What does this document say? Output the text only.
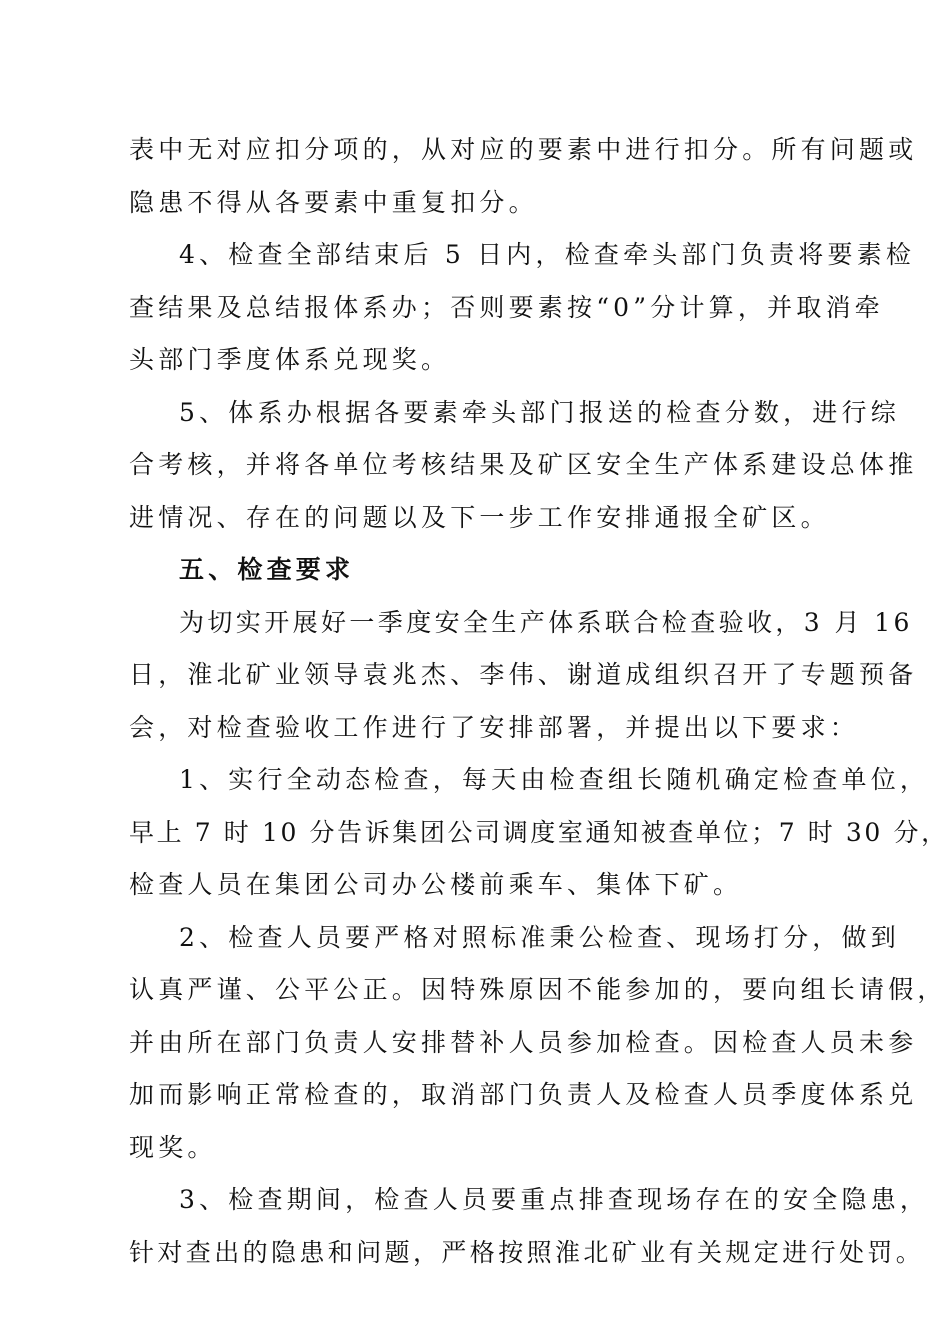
表中无对应扣分项的，从对应的要素中进行扣分。所有问题或
隐患不得从各要素中重复扣分。
4、检查全部结束后 5 日内，检查牵头部门负责将要素检
查结果及总结报体系办；否则要素按“0”分计算，并取消牵
头部门季度体系兑现奖。
5、体系办根据各要素牵头部门报送的检查分数，进行综
合考核，并将各单位考核结果及矿区安全生产体系建设总体推
进情况、存在的问题以及下一步工作安排通报全矿区。
五、检查要求
为切实开展好一季度安全生产体系联合检查验收，3 月 16
日，淮北矿业领导袁兆杰、李伟、谢道成组织召开了专题预备
会，对检查验收工作进行了安排部署，并提出以下要求：
1、实行全动态检查，每天由检查组长随机确定检查单位，
早上 7 时 10 分告诉集团公司调度室通知被查单位；7 时 30 分，
检查人员在集团公司办公楼前乘车、集体下矿。
2、检查人员要严格对照标准秉公检查、现场打分，做到
认真严谨、公平公正。因特殊原因不能参加的，要向组长请假，
并由所在部门负责人安排替补人员参加检查。因检查人员未参
加而影响正常检查的，取消部门负责人及检查人员季度体系兑
现奖。
3、检查期间，检查人员要重点排查现场存在的安全隐患，
针对查出的隐患和问题，严格按照淮北矿业有关规定进行处罚。
